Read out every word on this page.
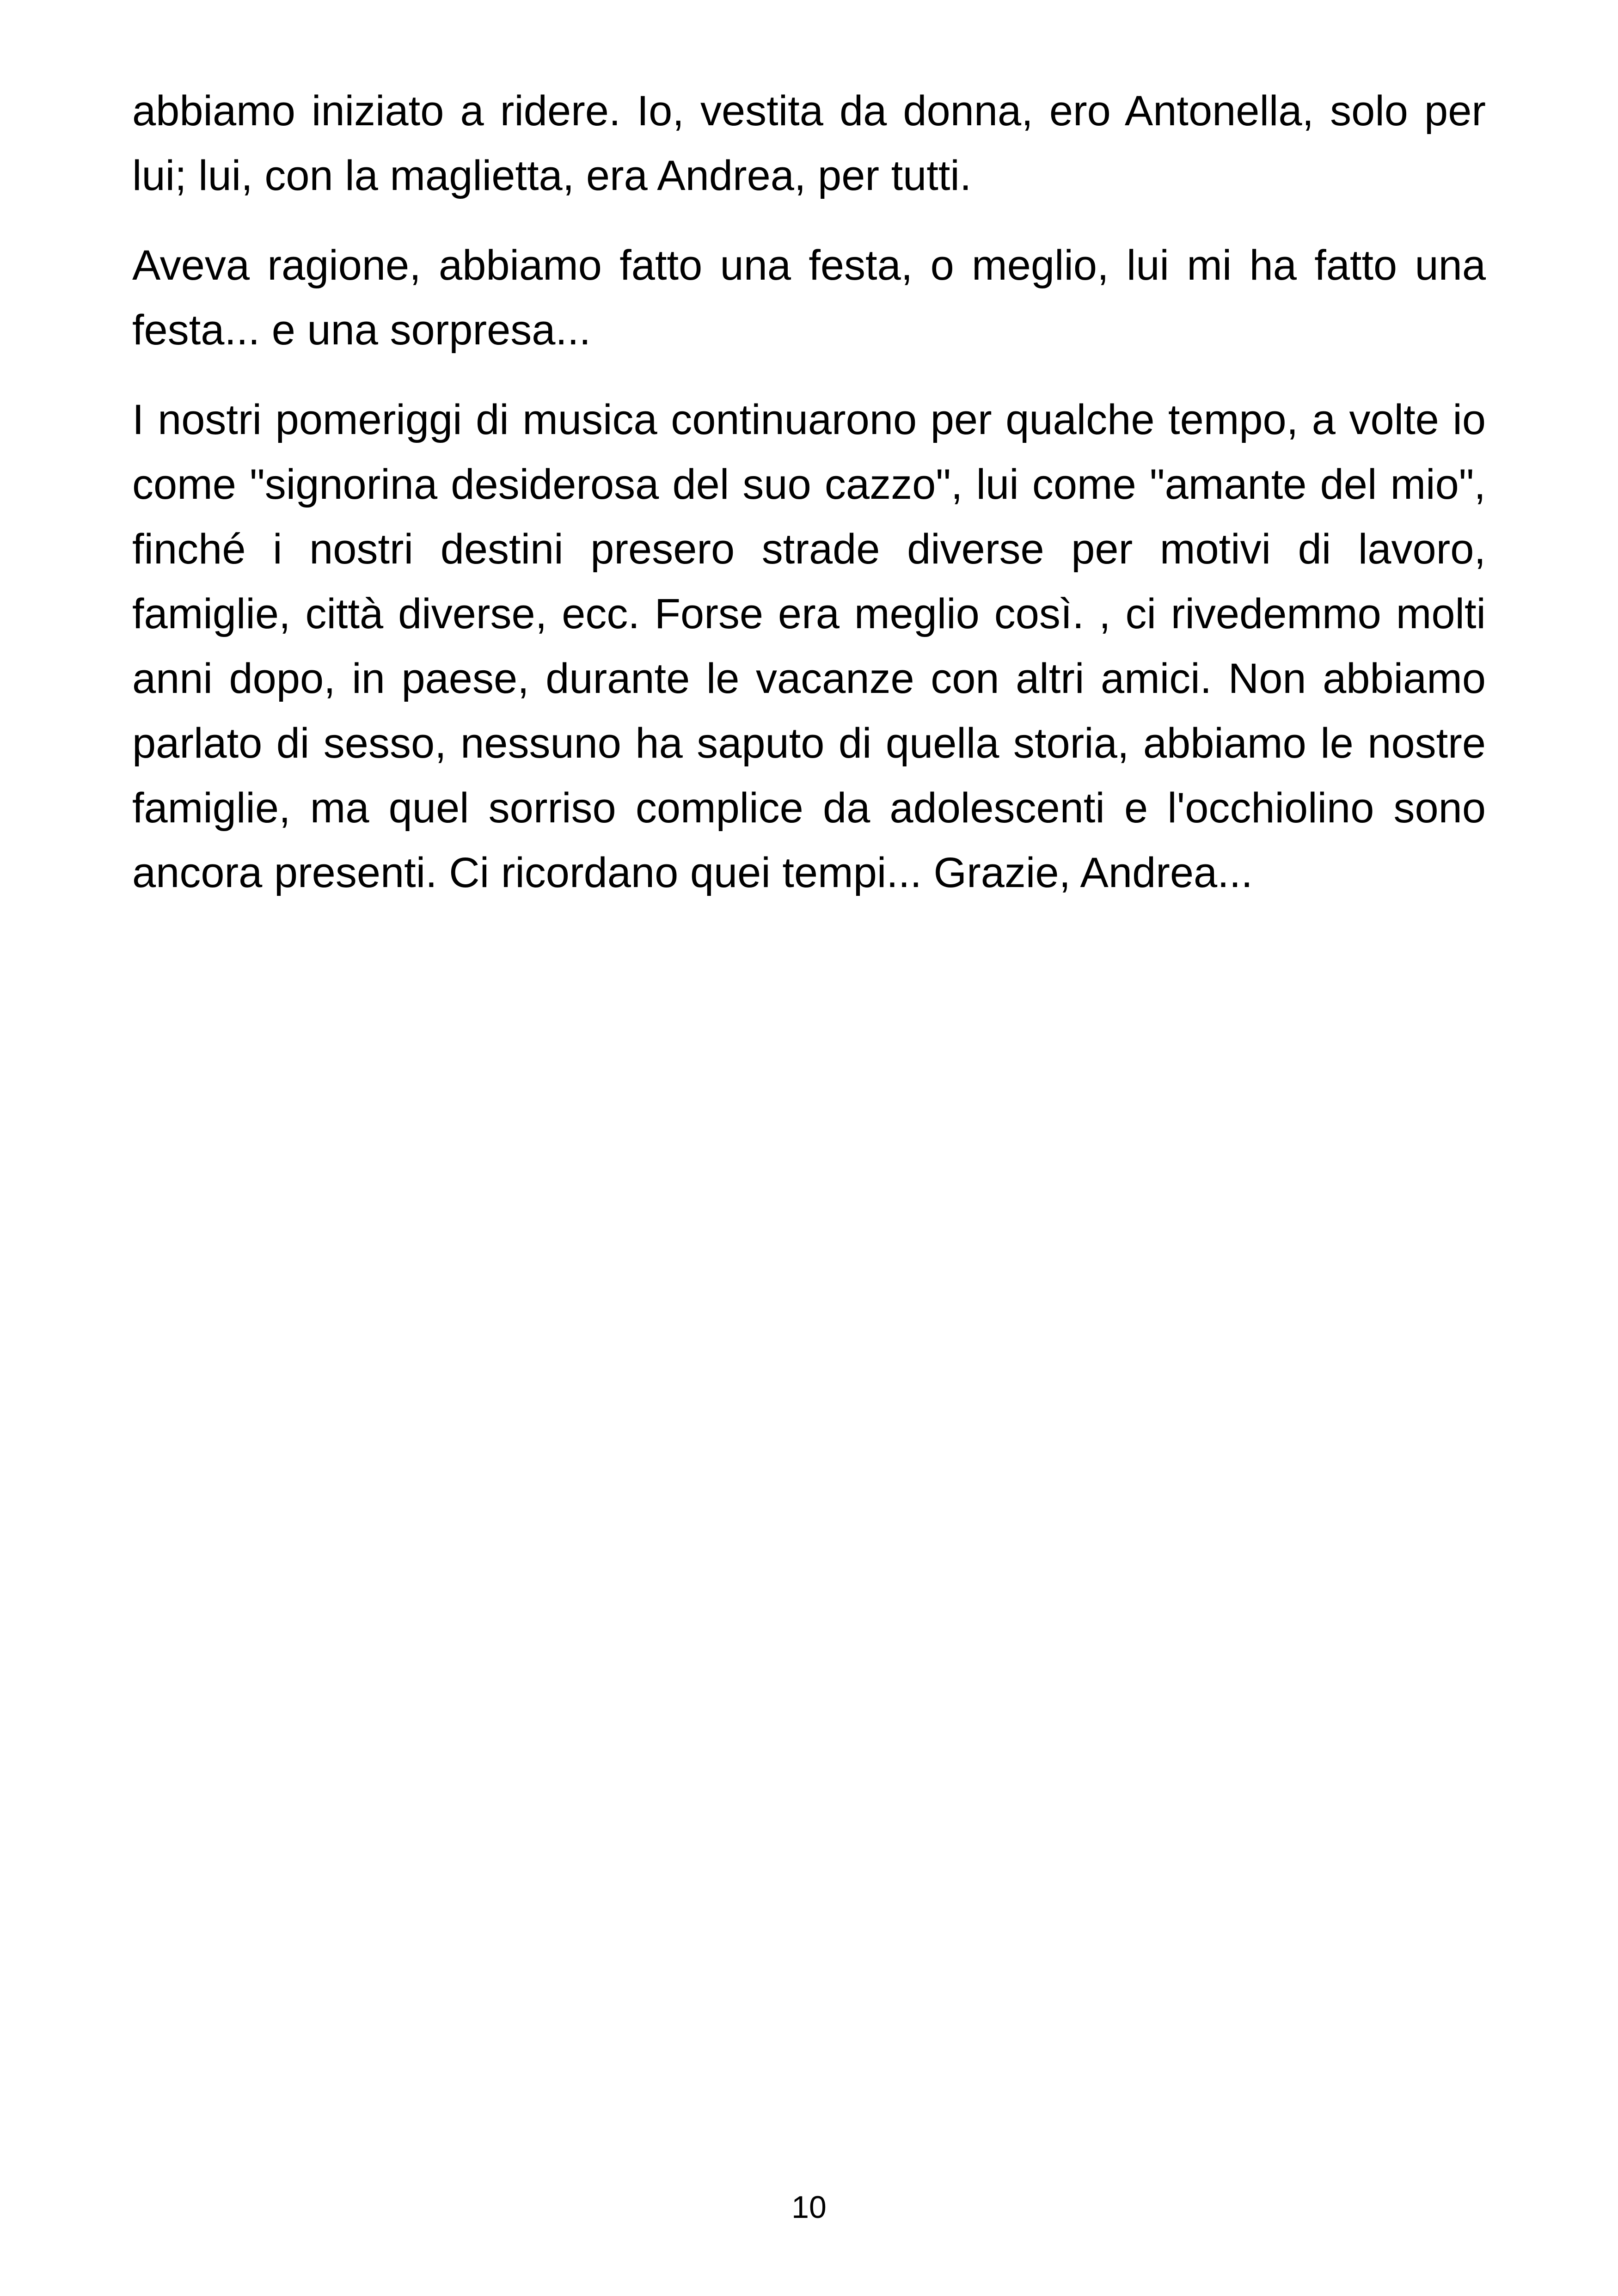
abbiamo iniziato a ridere. Io, vestita da donna, ero Antonella, solo per lui; lui, con la maglietta, era Andrea, per tutti.

Aveva ragione, abbiamo fatto una festa, o meglio, lui mi ha fatto una festa... e una sorpresa...

I nostri pomeriggi di musica continuarono per qualche tempo, a volte io come "signorina desiderosa del suo cazzo", lui come "amante del mio", finché i nostri destini presero strade diverse per motivi di lavoro, famiglie, città diverse, ecc. Forse era meglio così. , ci rivedemmo molti anni dopo, in paese, durante le vacanze con altri amici. Non abbiamo parlato di sesso, nessuno ha saputo di quella storia, abbiamo le nostre famiglie, ma quel sorriso complice da adolescenti e l'occhiolino sono ancora presenti. Ci ricordano quei tempi... Grazie, Andrea...

10
